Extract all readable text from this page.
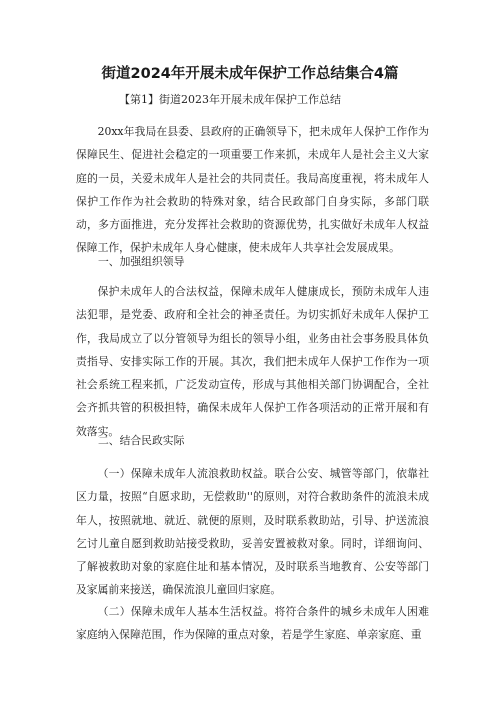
街道2024年开展未成年保护工作总结集合4篇

【第1】街道2023年开展未成年保护工作总结

20xx年我局在县委、县政府的正确领导下，把未成年人保护工作作为保障民生、促进社会稳定的一项重要工作来抓，未成年人是社会主义大家庭的一员，关爱未成年人是社会的共同责任。我局高度重视，将未成年人保护工作作为社会救助的特殊对象，结合民政部门自身实际，多部门联动，多方面推进，充分发挥社会救助的资源优势，扎实做好未成年人权益保障工作，保护未成年人身心健康，使未成年人共享社会发展成果。

一、加强组织领导

保护未成年人的合法权益，保障未成年人健康成长，预防未成年人违法犯罪，是党委、政府和全社会的神圣责任。为切实抓好未成年人保护工作，我局成立了以分管领导为组长的领导小组，业务由社会事务股具体负责指导、安排实际工作的开展。其次，我们把未成年人保护工作作为一项社会系统工程来抓，广泛发动宣传，形成与其他相关部门协调配合，全社会齐抓共管的积极担特，确保未成年人保护工作各项活动的正常开展和有效落实。

二、结合民政实际

（一）保障未成年人流浪救助权益。联合公安、城管等部门，依靠社区力量，按照“自愿求助，无偿救助''的原则，对符合救助条件的流浪未成年人，按照就地、就近、就便的原则，及时联系救助站，引导、护送流浪乞讨儿童自愿到救助站接受救助，妥善安置被救对象。同时，详细询问、了解被救助对象的家庭住址和基本情况，及时联系当地教育、公安等部门及家属前来接送，确保流浪儿童回归家庭。

（二）保障未成年人基本生活权益。将符合条件的城乡未成年人困难家庭纳入保障范围，作为保障的重点对象，若是学生家庭、单亲家庭、重
